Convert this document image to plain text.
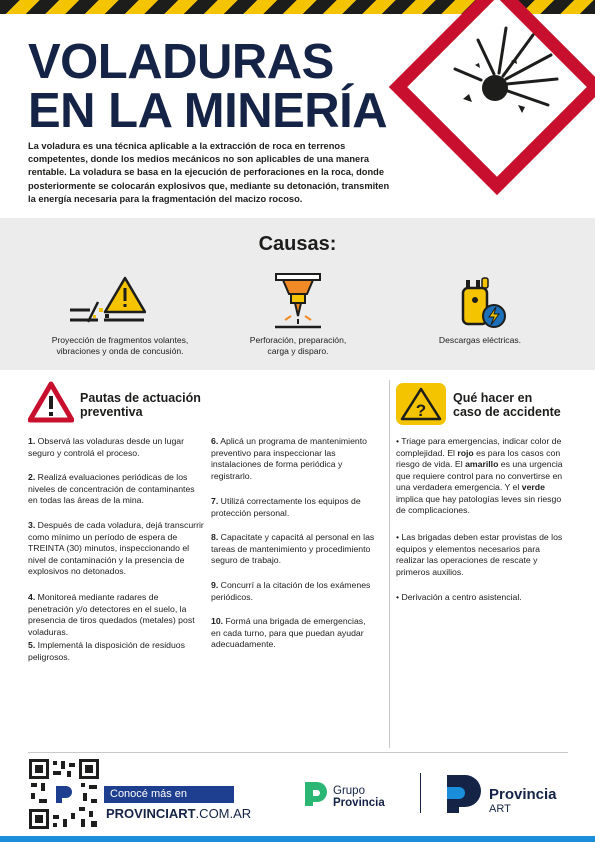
VOLADURAS
EN LA MINERÍA

La voladura es una técnica aplicable a la extracción de roca en terrenos competentes, donde los medios mecánicos no son aplicables de una manera rentable. La voladura se basa en la ejecución de perforaciones en la roca, donde posteriormente se colocarán explosivos que, mediante su detonación, transmiten la energía necesaria para la fragmentación del macizo rocoso.

Causas:
Proyección de fragmentos volantes,
vibraciones y onda de concusión.
Perforación, preparación,
carga y disparo.
Descargas eléctricas.
Pautas de actuación
preventiva
1. Observá las voladuras desde un lugar seguro y controlá el proceso.
2. Realizá evaluaciones periódicas de los niveles de concentración de contaminantes en todas las áreas de la mina.
3. Después de cada voladura, dejá transcurrir como mínimo un período de espera de TREINTA (30) minutos, inspeccionando el nivel de contaminación y la presencia de explosivos no detonados.
4. Monitoreá mediante radares de penetración y/o detectores en el suelo, la presencia de tiros quedados (metales) post voladuras.
5. Implementá la disposición de residuos peligrosos.
6. Aplicá un programa de mantenimiento preventivo para inspeccionar las instalaciones de forma periódica y registrarlo.
7. Utilizá correctamente los equipos de protección personal.
8. Capacitate y capacitá al personal en las tareas de mantenimiento y procedimiento seguro de trabajo.
9. Concurrí a la citación de los exámenes periódicos.
10. Formá una brigada de emergencias, en cada turno, para que puedan ayudar adecuadamente.
?
Qué hacer en
caso de accidente
• Triage para emergencias, indicar color de complejidad. El rojo es para los casos con riesgo de vida. El amarillo es una urgencia que requiere control para no convertirse en una verdadera emergencia. Y el verde implica que hay patologías leves sin riesgo de complicaciones.
• Las brigadas deben estar provistas de los equipos y elementos necesarios para realizar las operaciones de rescate y primeros auxilios.
• Derivación a centro asistencial.
Conocé más en
PROVINCIART.COM.AR
Grupo
Provincia	Provincia
ART
